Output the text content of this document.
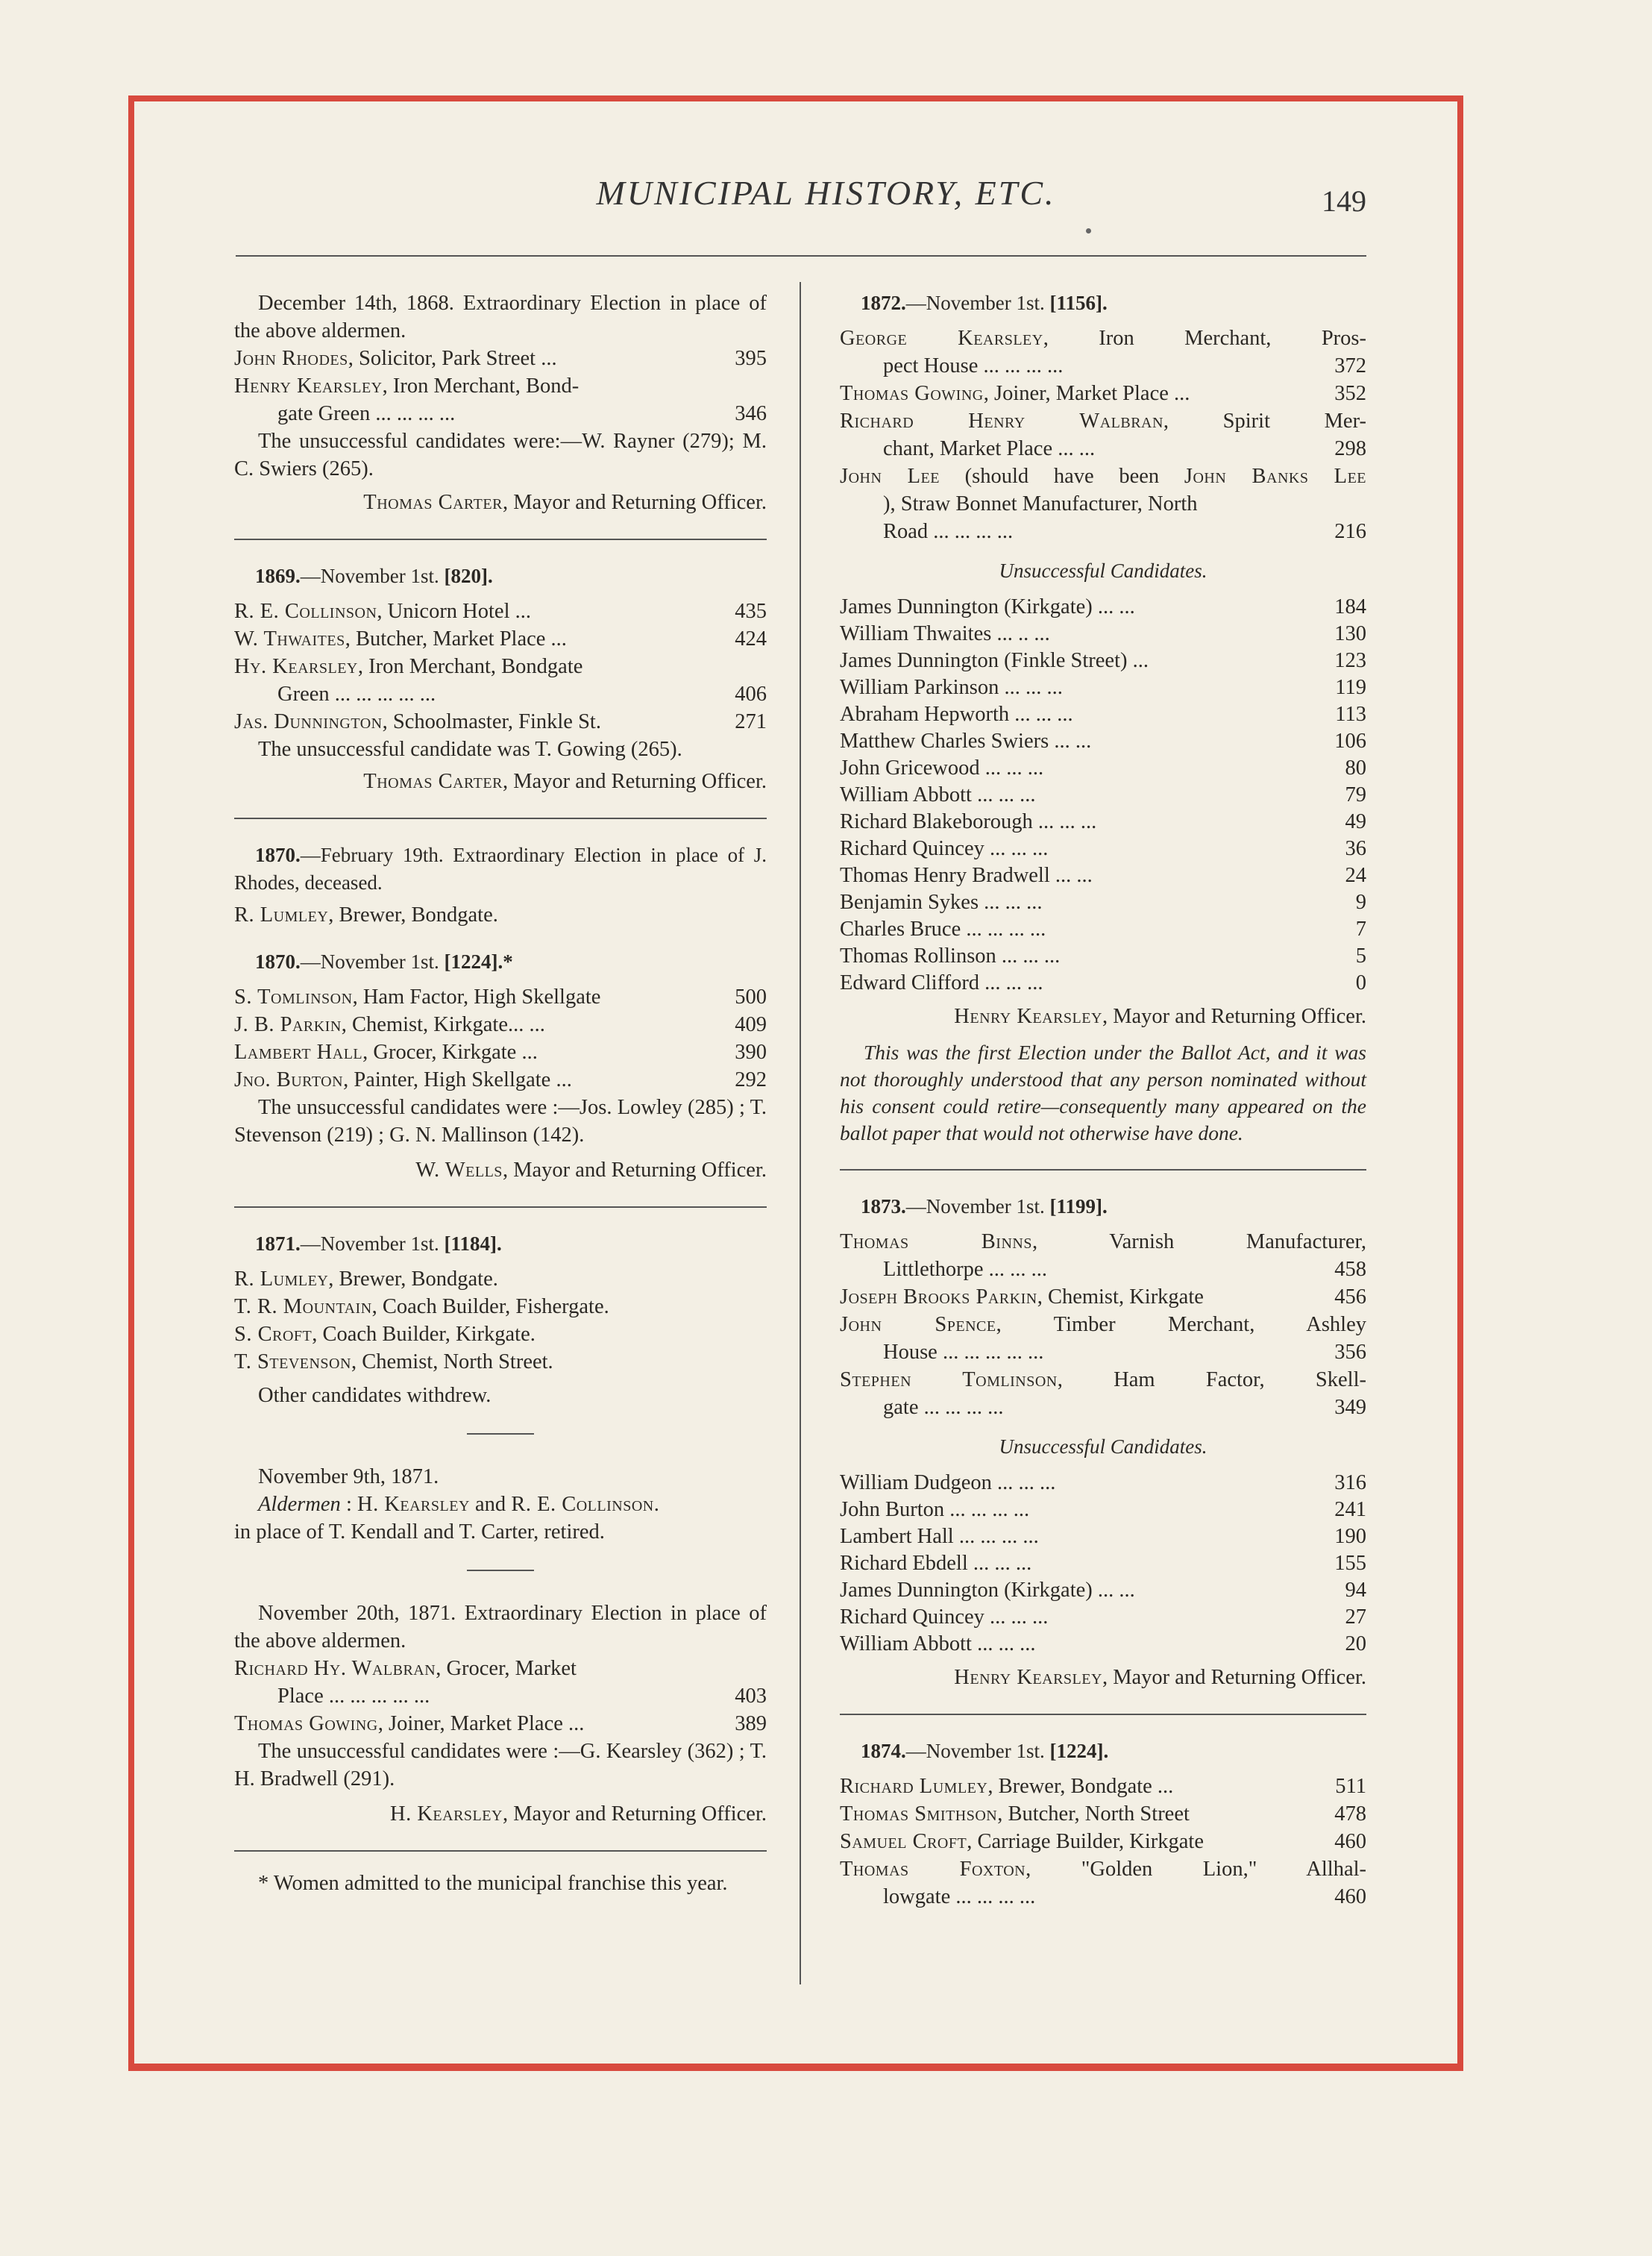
MUNICIPAL HISTORY, ETC.	149

December 14th, 1868. Extraordinary Election in place of the above aldermen.

John Rhodes, Solicitor, Park Street ...	395

Henry Kearsley, Iron Merchant, Bond-

gate Green ... ... ... ...	346

The unsuccessful candidates were:—W. Rayner (279); M. C. Swiers (265).

Thomas Carter, Mayor and Returning Officer.

1869.—November 1st. [820].

R. E. Collinson, Unicorn Hotel ...	435
W. Thwaites, Butcher, Market Place ...	424

Hy. Kearsley, Iron Merchant, Bondgate

Green ... ... ... ... ...	406
Jas. Dunnington, Schoolmaster, Finkle St.	271

The unsuccessful candidate was T. Gowing (265).

Thomas Carter, Mayor and Returning Officer.

1870.—February 19th. Extraordinary Election in place of J. Rhodes, deceased.

R. Lumley, Brewer, Bondgate.

1870.—November 1st. [1224].*

S. Tomlinson, Ham Factor, High Skellgate	500
J. B. Parkin, Chemist, Kirkgate... ...	409
Lambert Hall, Grocer, Kirkgate ...	390
Jno. Burton, Painter, High Skellgate ...	292

The unsuccessful candidates were :—Jos. Lowley (285) ; T. Stevenson (219) ; G. N. Mallinson (142).

W. Wells, Mayor and Returning Officer.

1871.—November 1st. [1184].

R. Lumley, Brewer, Bondgate.

T. R. Mountain, Coach Builder, Fishergate.

S. Croft, Coach Builder, Kirkgate.

T. Stevenson, Chemist, North Street.

Other candidates withdrew.

November 9th, 1871.

Aldermen : H. Kearsley and R. E. Collinson.

in place of T. Kendall and T. Carter, retired.

November 20th, 1871. Extraordinary Election in place of the above aldermen.

Richard Hy. Walbran, Grocer, Market

Place ... ... ... ... ...	403
Thomas Gowing, Joiner, Market Place ...	389

The unsuccessful candidates were :—G. Kearsley (362) ; T. H. Bradwell (291).

H. Kearsley, Mayor and Returning Officer.

* Women admitted to the municipal franchise this year.

1872.—November 1st. [1156].

George Kearsley, Iron Merchant, Pros-

pect House ... ... ... ...	372
Thomas Gowing, Joiner, Market Place ...	352

Richard Henry Walbran, Spirit Mer-

chant, Market Place ... ...	298

John Lee (should have been John Banks Lee

), Straw Bonnet Manufacturer, North

Road ... ... ... ...	216

Unsuccessful Candidates.

James Dunnington (Kirkgate) ... ...	184
William Thwaites ... .. ...	130
James Dunnington (Finkle Street) ...	123
William Parkinson ... ... ...	119
Abraham Hepworth ... ... ...	113
Matthew Charles Swiers ... ...	106
John Gricewood ... ... ...	80
William Abbott ... ... ...	79
Richard Blakeborough ... ... ...	49
Richard Quincey ... ... ...	36
Thomas Henry Bradwell ... ...	24
Benjamin Sykes ... ... ...	9
Charles Bruce ... ... ... ...	7
Thomas Rollinson ... ... ...	5
Edward Clifford ... ... ...	0

Henry Kearsley, Mayor and Returning Officer.

This was the first Election under the Ballot Act, and it was not thoroughly understood that any person nominated without his consent could retire—consequently many appeared on the ballot paper that would not otherwise have done.

1873.—November 1st. [1199].

Thomas Binns, Varnish Manufacturer,

Littlethorpe ... ... ...	458
Joseph Brooks Parkin, Chemist, Kirkgate	456

John Spence, Timber Merchant, Ashley

House ... ... ... ... ...	356

Stephen Tomlinson, Ham Factor, Skell-

gate ... ... ... ...	349

Unsuccessful Candidates.

William Dudgeon ... ... ...	316
John Burton ... ... ... ...	241
Lambert Hall ... ... ... ...	190
Richard Ebdell ... ... ...	155
James Dunnington (Kirkgate) ... ...	94
Richard Quincey ... ... ...	27
William Abbott ... ... ...	20

Henry Kearsley, Mayor and Returning Officer.

1874.—November 1st. [1224].

Richard Lumley, Brewer, Bondgate ...	511
Thomas Smithson, Butcher, North Street	478
Samuel Croft, Carriage Builder, Kirkgate	460

Thomas Foxton, "Golden Lion," Allhal-

lowgate ... ... ... ...	460
